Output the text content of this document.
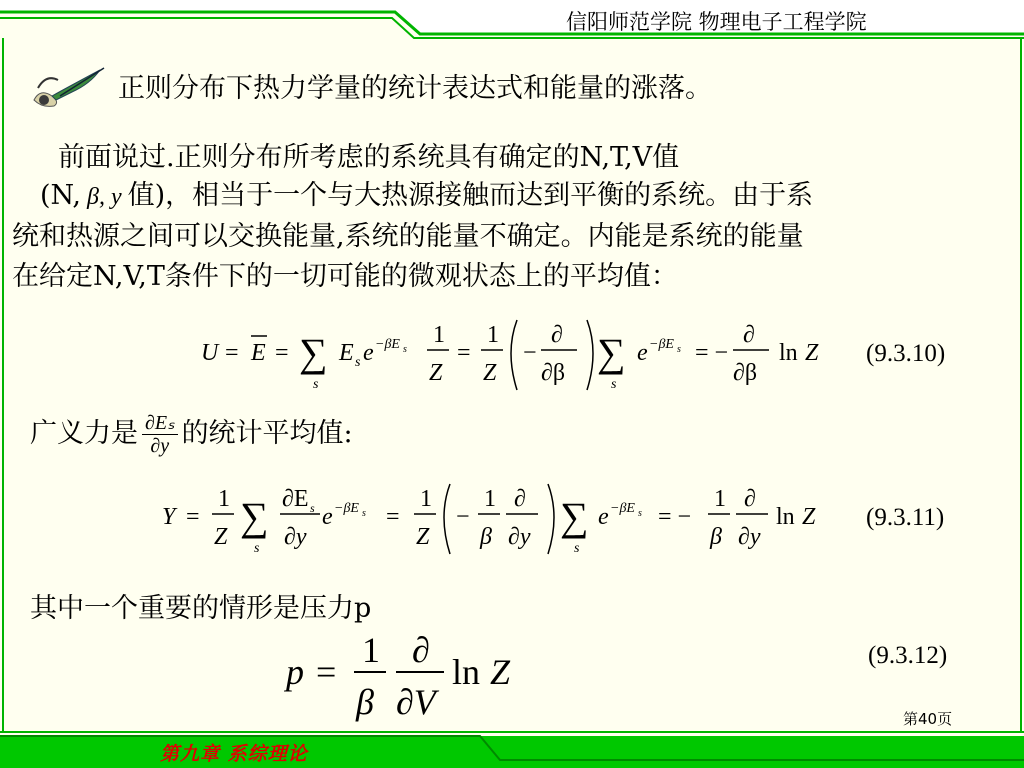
信阳师范学院 物理电子工程学院
正则分布下热力学量的统计表达式和能量的涨落。
前面说过.正则分布所考虑的系统具有确定的N,T,V值
(N, β, y 值)，相当于一个与大热源接触而达到平衡的系统。由于系
统和热源之间可以交换能量,系统的能量不确定。内能是系统的能量
在给定N,V,T条件下的一切可能的微观状态上的平均值：
U = E = ∑
s
E s e −βE s
1
Z
=
1
Z
−
∂
∂β ∑
s
e −βE s = −
∂
∂β
ln Z (9.3.10)
广义力是 $\frac{\text{∂Eₛ}}{\partial y}$ 的统计平均值:
Y =
1
Z ∑
s
∂E s
∂y
e −βE s =
1
Z
−
1
β
∂
∂y ∑
s
e −βE s = −
1
β
∂
∂y
ln Z (9.3.11)
其中一个重要的情形是压力p
p =
1
β
∂
∂V
ln Z	(9.3.12)
第40页
第九章 系综理论
